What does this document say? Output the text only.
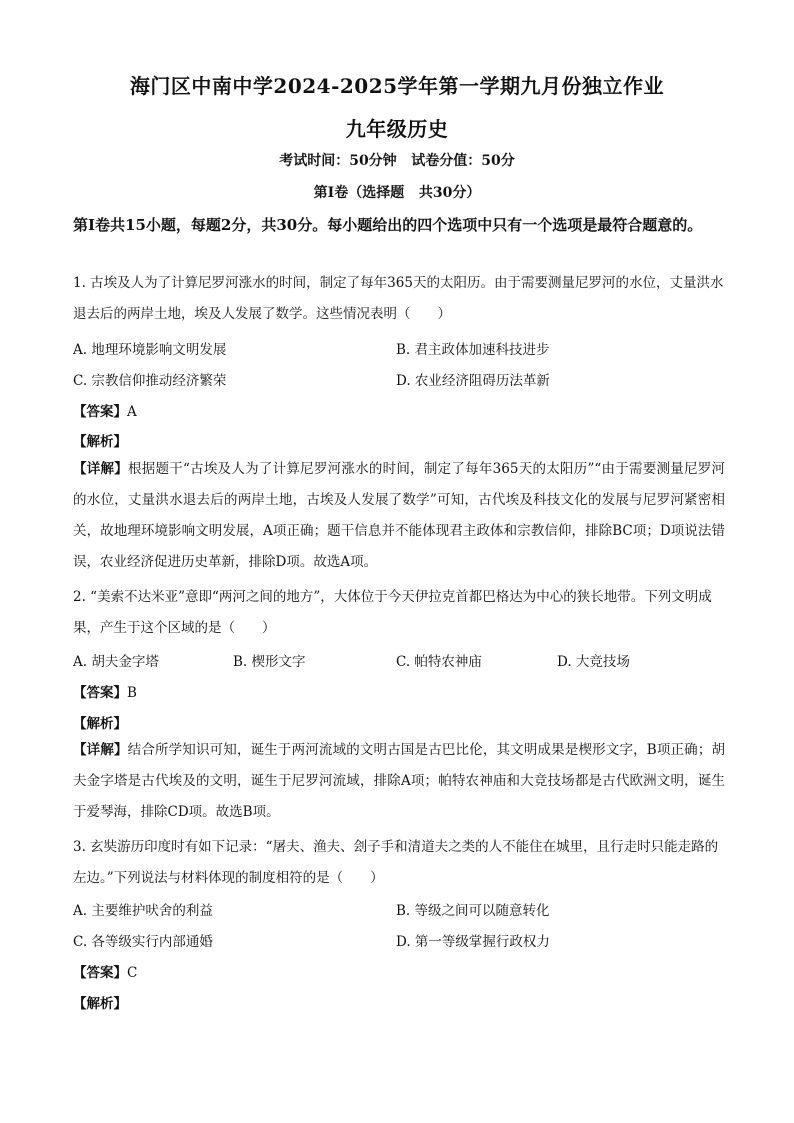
海门区中南中学2024-2025学年第一学期九月份独立作业
九年级历史
考试时间：50分钟   试卷分值：50分
第Ⅰ卷（选择题   共30分）
第Ⅰ卷共15小题，每题2分，共30分。每小题给出的四个选项中只有一个选项是最符合题意的。
1. 古埃及人为了计算尼罗河涨水的时间，制定了每年365天的太阳历。由于需要测量尼罗河的水位，丈量洪水退去后的两岸土地，埃及人发展了数学。这些情况表明（　　）
A. 地理环境影响文明发展	B. 君主政体加速科技进步
C. 宗教信仰推动经济繁荣	D. 农业经济阻碍历法革新
【答案】A
【解析】
【详解】根据题干“古埃及人为了计算尼罗河涨水的时间，制定了每年365天的太阳历”“由于需要测量尼罗河的水位，丈量洪水退去后的两岸土地，古埃及人发展了数学”可知，古代埃及科技文化的发展与尼罗河紧密相关，故地理环境影响文明发展，A项正确；题干信息并不能体现君主政体和宗教信仰，排除BC项；D项说法错误，农业经济促进历史革新，排除D项。故选A项。
2. “美索不达米亚”意即“两河之间的地方”，大体位于今天伊拉克首都巴格达为中心的狭长地带。下列文明成果，产生于这个区域的是（　　）
A. 胡夫金字塔	B. 楔形文字	C. 帕特农神庙	D. 大竞技场
【答案】B
【解析】
【详解】结合所学知识可知，诞生于两河流域的文明古国是古巴比伦，其文明成果是楔形文字，B项正确；胡夫金字塔是古代埃及的文明，诞生于尼罗河流域，排除A项；帕特农神庙和大竞技场都是古代欧洲文明，诞生于爱琴海，排除CD项。故选B项。
3. 玄奘游历印度时有如下记录：“屠夫、渔夫、刽子手和清道夫之类的人不能住在城里，且行走时只能走路的左边。”下列说法与材料体现的制度相符的是（　　）
A. 主要维护吠舍的利益	B. 等级之间可以随意转化
C. 各等级实行内部通婚	D. 第一等级掌握行政权力
【答案】C
【解析】
